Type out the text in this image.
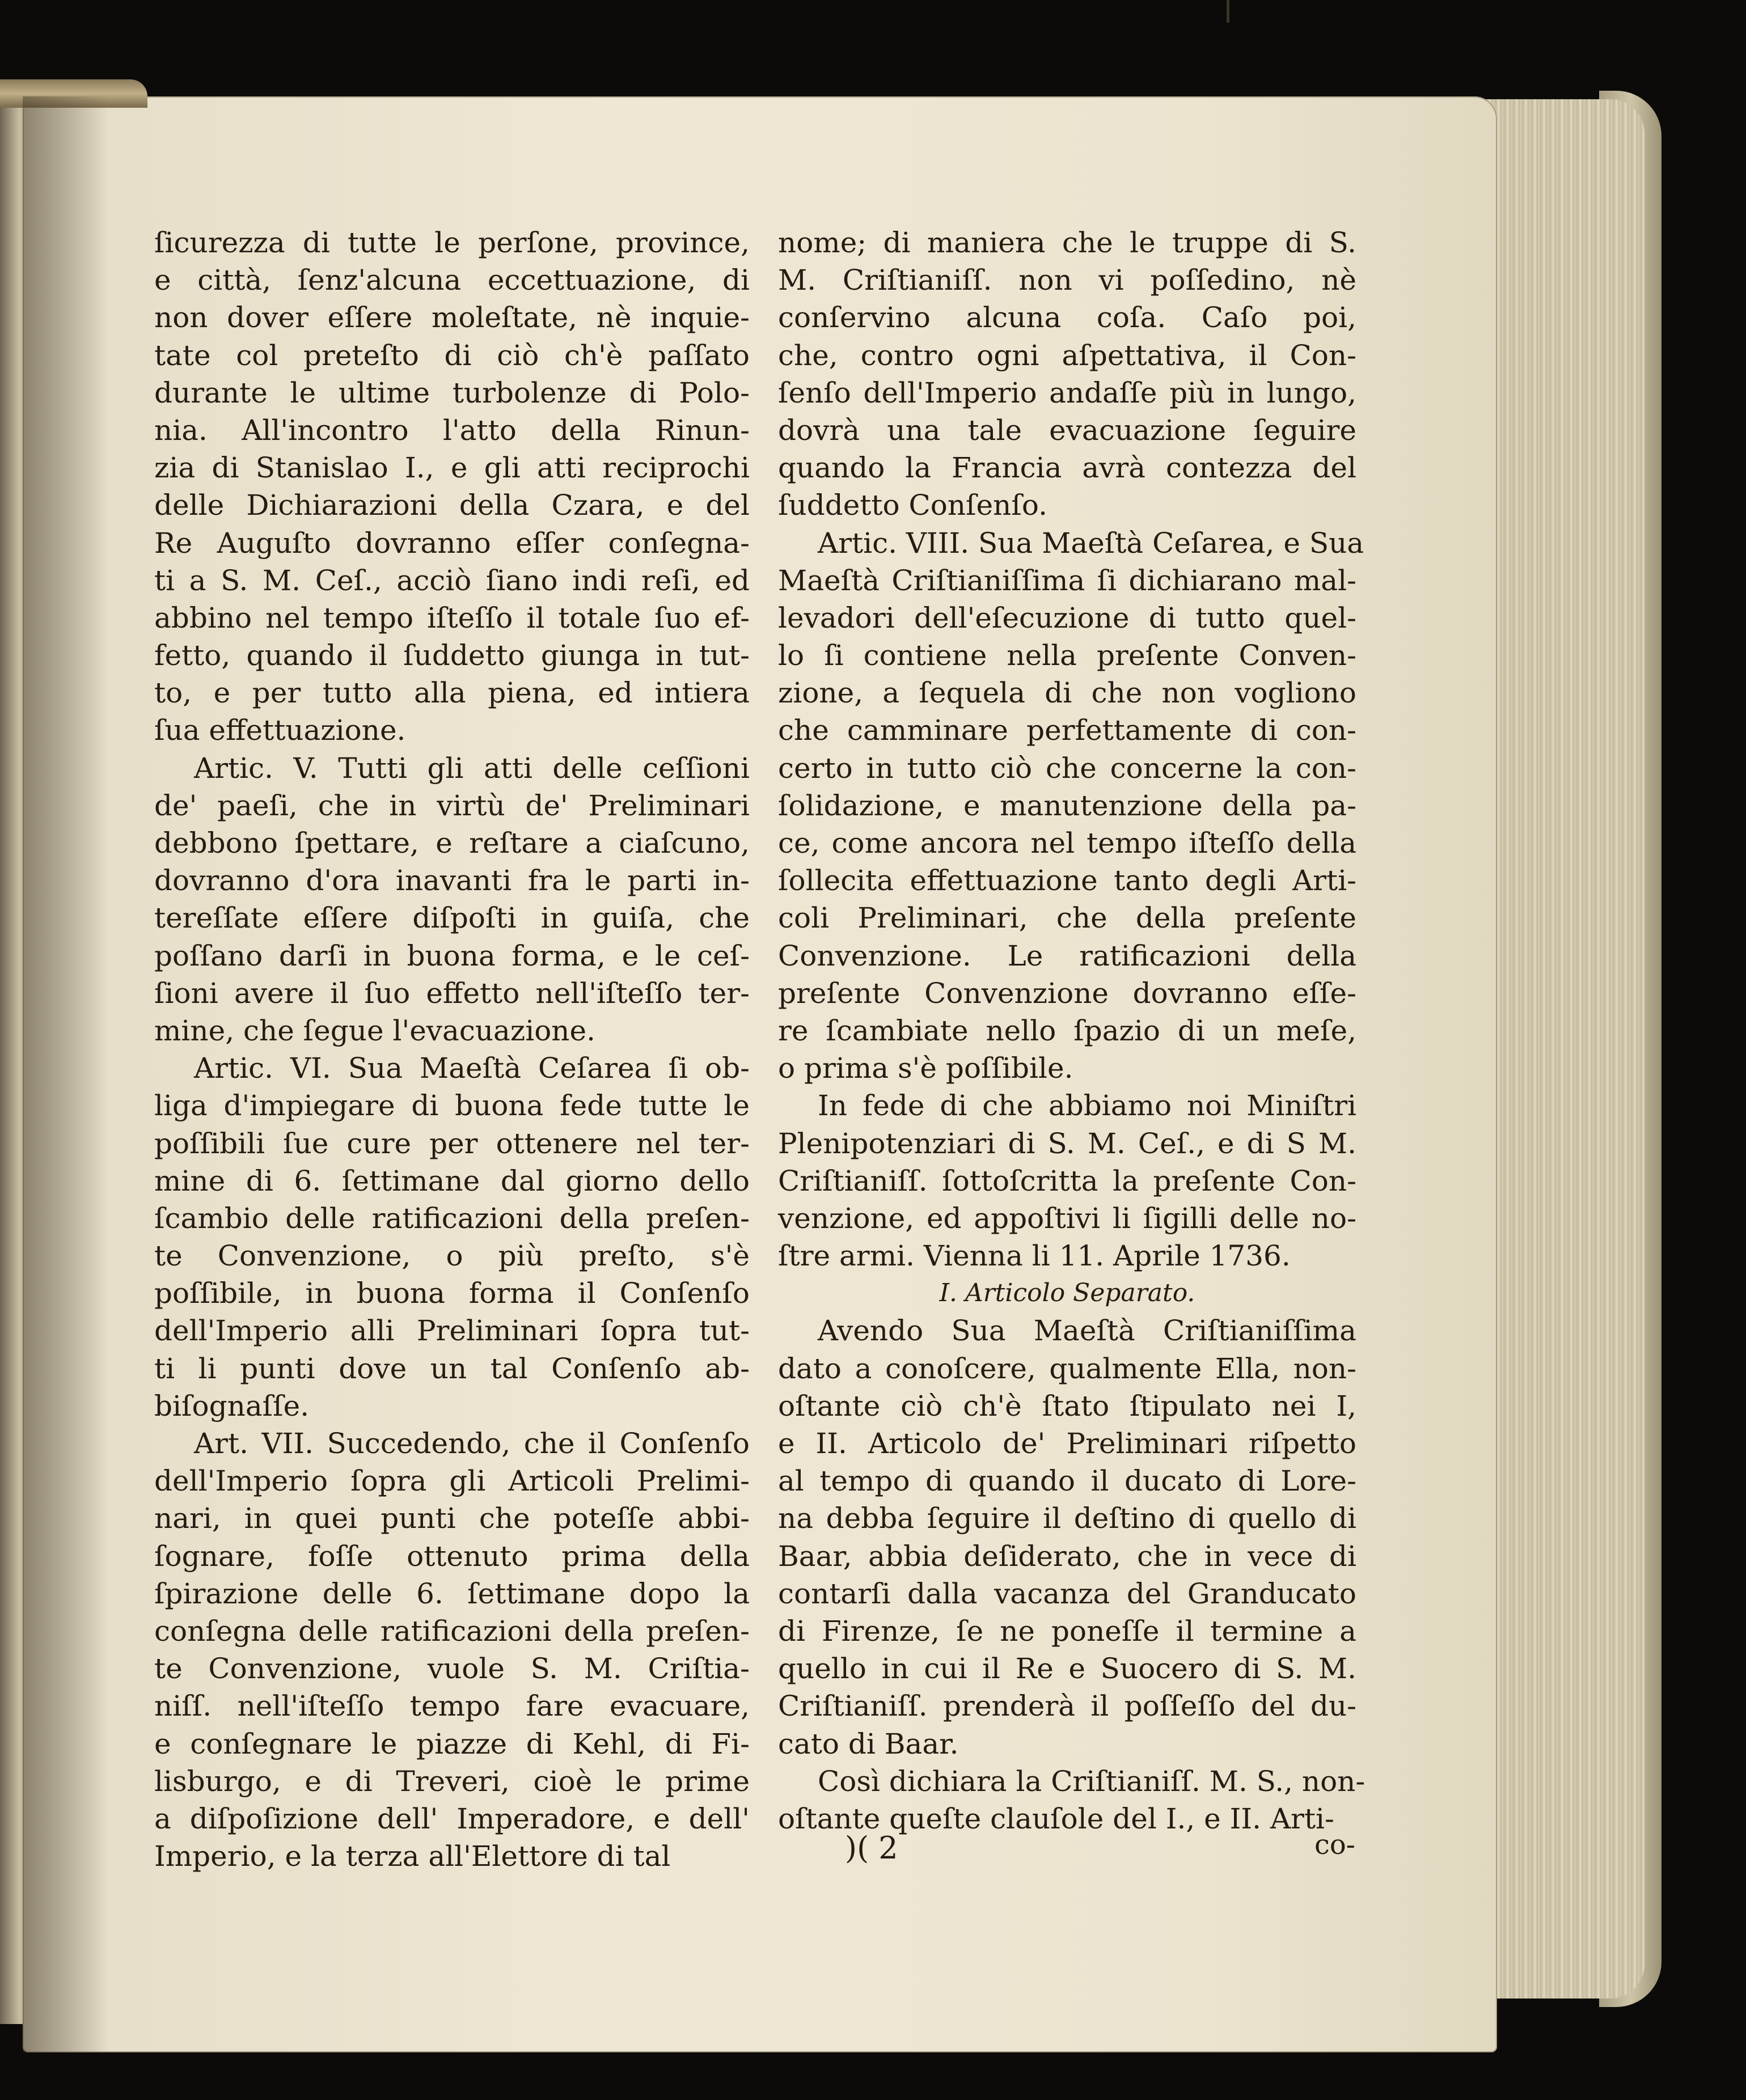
ſicurezza di tutte le perſone, province,
e città, ſenz'alcuna eccettuazione, di
non dover eſſere moleſtate, nè inquie-
tate col preteſto di ciò ch'è paſſato
durante le ultime turbolenze di Polo-
nia. All'incontro l'atto della Rinun-
zia di Stanislao I., e gli atti reciprochi
delle Dichiarazioni della Czara, e del
Re Auguſto dovranno eſſer conſegna-
ti a S. M. Ceſ., acciò ſiano indi reſi, ed
abbino nel tempo iſteſſo il totale ſuo ef-
fetto, quando il ſuddetto giunga in tut-
to, e per tutto alla piena, ed intiera
ſua effettuazione.
Artic. V. Tutti gli atti delle ceſſioni
de' paeſi, che in virtù de' Preliminari
debbono ſpettare, e reſtare a ciaſcuno,
dovranno d'ora inavanti fra le parti in-
tereſſate eſſere diſpoſti in guiſa, che
poſſano darſi in buona forma, e le ceſ-
ſioni avere il ſuo effetto nell'iſteſſo ter-
mine, che ſegue l'evacuazione.
Artic. VI. Sua Maeſtà Ceſarea ſi ob-
liga d'impiegare di buona fede tutte le
poſſibili ſue cure per ottenere nel ter-
mine di 6. ſettimane dal giorno dello
ſcambio delle ratificazioni della preſen-
te Convenzione, o più preſto, s'è
poſſibile, in buona forma il Conſenſo
dell'Imperio alli Preliminari ſopra tut-
ti li punti dove un tal Conſenſo ab-
biſognaſſe.
Art. VII. Succedendo, che il Conſenſo
dell'Imperio ſopra gli Articoli Prelimi-
nari, in quei punti che poteſſe abbi-
ſognare, foſſe ottenuto prima della
ſpirazione delle 6. ſettimane dopo la
conſegna delle ratificazioni della preſen-
te Convenzione, vuole S. M. Criſtia-
niſſ. nell'iſteſſo tempo fare evacuare,
e conſegnare le piazze di Kehl, di Fi-
lisburgo, e di Treveri, cioè le prime
a diſpoſizione dell' Imperadore, e dell'
Imperio, e la terza all'Elettore di tal
nome; di maniera che le truppe di S.
M. Criſtianiſſ. non vi poſſedino, nè
conſervino alcuna coſa. Caſo poi,
che, contro ogni aſpettativa, il Con-
ſenſo dell'Imperio andaſſe più in lungo,
dovrà una tale evacuazione ſeguire
quando la Francia avrà contezza del
ſuddetto Conſenſo.
Artic. VIII. Sua Maeſtà Ceſarea, e Sua
Maeſtà Criſtianiſſima ſi dichiarano mal-
levadori dell'eſecuzione di tutto quel-
lo ſi contiene nella preſente Conven-
zione, a ſequela di che non vogliono
che camminare perfettamente di con-
certo in tutto ciò che concerne la con-
ſolidazione, e manutenzione della pa-
ce, come ancora nel tempo iſteſſo della
ſollecita effettuazione tanto degli Arti-
coli Preliminari, che della preſente
Convenzione. Le ratificazioni della
preſente Convenzione dovranno eſſe-
re ſcambiate nello ſpazio di un meſe,
o prima s'è poſſibile.
In fede di che abbiamo noi Miniſtri
Plenipotenziari di S. M. Ceſ., e di S M.
Criſtianiſſ. ſottoſcritta la preſente Con-
venzione, ed appoſtivi li ſigilli delle no-
ſtre armi. Vienna li 11. Aprile 1736.
I. Articolo Separato.
Avendo Sua Maeſtà Criſtianiſſima
dato a conoſcere, qualmente Ella, non-
oſtante ciò ch'è ſtato ſtipulato nei I,
e II. Articolo de' Preliminari riſpetto
al tempo di quando il ducato di Lore-
na debba ſeguire il deſtino di quello di
Baar, abbia deſiderato, che in vece di
contarſi dalla vacanza del Granducato
di Firenze, ſe ne poneſſe il termine a
quello in cui il Re e Suocero di S. M.
Criſtianiſſ. prenderà il poſſeſſo del du-
cato di Baar.
Così dichiara la Criſtianiſſ. M. S., non-
oſtante queſte clauſole del I., e II. Arti-
)( 2	co-
